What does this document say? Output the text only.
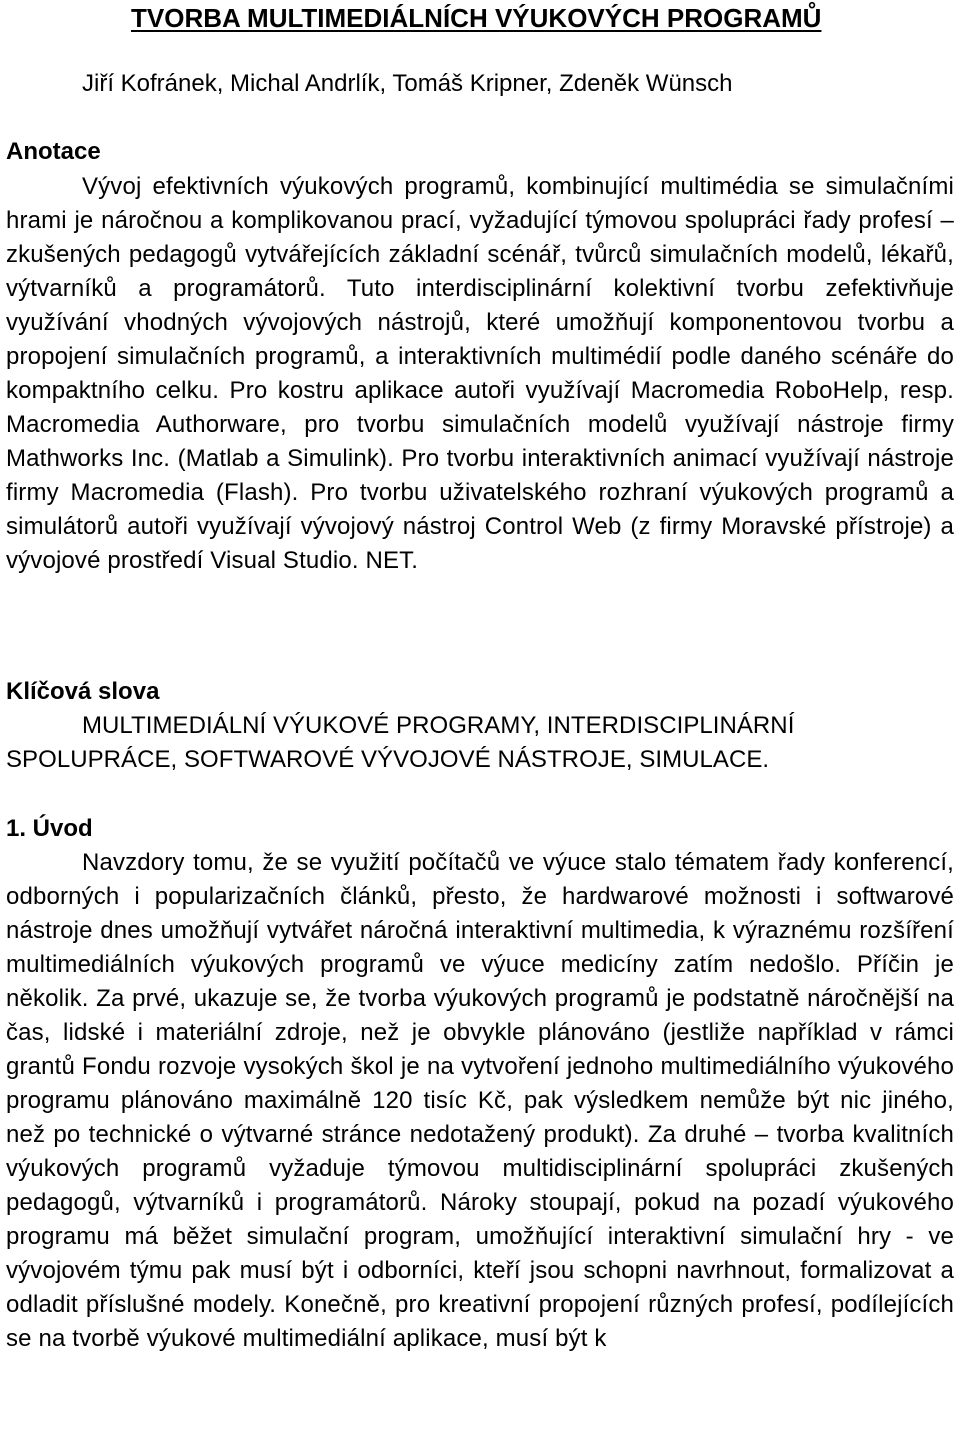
TVORBA MULTIMEDIÁLNÍCH VÝUKOVÝCH PROGRAMŮ

Jiří Kofránek, Michal Andrlík, Tomáš Kripner, Zdeněk Wünsch

Anotace

Vývoj efektivních výukových programů, kombinující multimédia se simulačními hrami je náročnou a komplikovanou prací, vyžadující týmovou spolupráci řady profesí – zkušených pedagogů vytvářejících základní scénář, tvůrců simulačních modelů, lékařů, výtvarníků a programátorů. Tuto interdisciplinární kolektivní tvorbu zefektivňuje využívání vhodných vývojových nástrojů, které umožňují komponentovou tvorbu a propojení simulačních programů, a interaktivních multimédií podle daného scénáře do kompaktního celku. Pro kostru aplikace autoři využívají Macromedia RoboHelp, resp. Macromedia Authorware, pro tvorbu simulačních modelů využívají nástroje firmy Mathworks Inc. (Matlab a Simulink). Pro tvorbu interaktivních animací využívají nástroje firmy Macromedia (Flash). Pro tvorbu uživatelského rozhraní výukových programů a simulátorů autoři využívají vývojový nástroj Control Web (z firmy Moravské přístroje) a vývojové prostředí Visual Studio. NET.

Klíčová slova

MULTIMEDIÁLNÍ VÝUKOVÉ PROGRAMY, INTERDISCIPLINÁRNÍ SPOLUPRÁCE, SOFTWAROVÉ VÝVOJOVÉ NÁSTROJE, SIMULACE.

1. Úvod

Navzdory tomu, že se využití počítačů ve výuce stalo tématem řady konferencí, odborných i popularizačních článků, přesto, že hardwarové možnosti i softwarové nástroje dnes umožňují vytvářet náročná interaktivní multimedia, k výraznému rozšíření multimediálních výukových programů ve výuce medicíny zatím nedošlo. Příčin je několik. Za prvé, ukazuje se, že tvorba výukových programů je podstatně náročnější na čas, lidské i materiální zdroje, než je obvykle plánováno (jestliže například v rámci grantů Fondu rozvoje vysokých škol je na vytvoření jednoho multimediálního výukového programu plánováno maximálně 120 tisíc Kč, pak výsledkem nemůže být nic jiného, než po technické o výtvarné stránce nedotažený produkt). Za druhé – tvorba kvalitních výukových programů vyžaduje týmovou multidisciplinární spolupráci zkušených pedagogů, výtvarníků i programátorů. Nároky stoupají, pokud na pozadí výukového programu má běžet simulační program, umožňující interaktivní simulační hry - ve vývojovém týmu pak musí být i odborníci, kteří jsou schopni navrhnout, formalizovat a odladit příslušné modely. Konečně, pro kreativní propojení různých profesí, podílejících se na tvorbě výukové multimediální aplikace, musí být k
